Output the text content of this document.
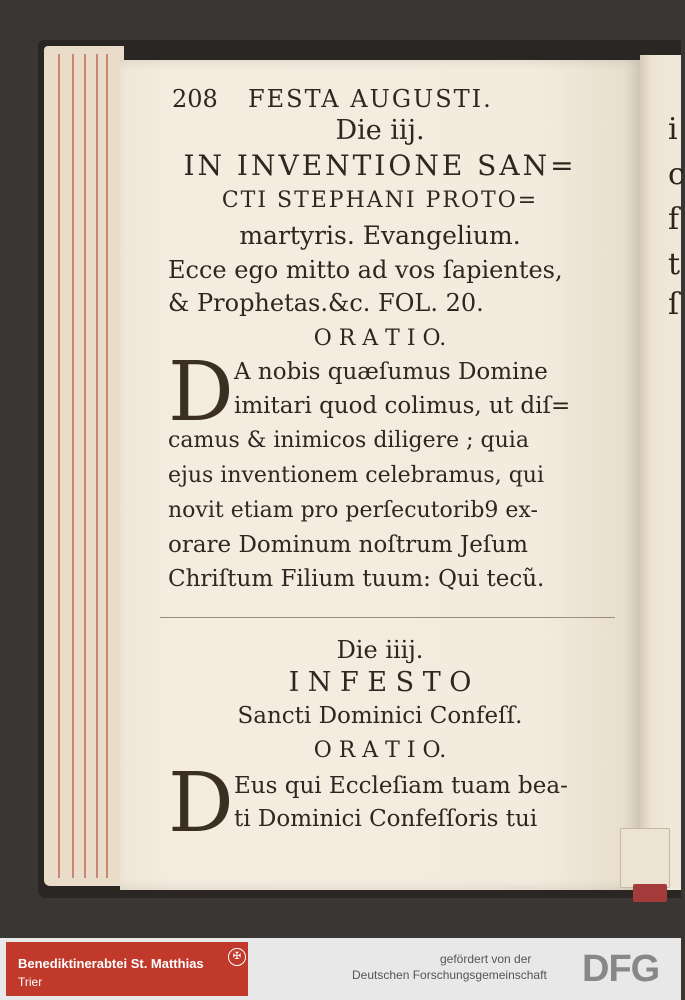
i
c
f
t
ſ
208 FESTA AUGUSTI.
Die iij.
IN INVENTIONE SAN=
CTI STEPHANI PROTO=
martyris. Evangelium.
Ecce ego mitto ad vos ſapientes,
& Prophetas.&c. FOL. 20.
O R A T I O.
D A nobis quæſumus Domine
imitari quod colimus, ut diſ=
camus & inimicos diligere ; quia
ejus inventionem celebramus, qui
novit etiam pro perſecutorib9 ex-
orare Dominum noſtrum Jeſum
Chriſtum Filium tuum: Qui tecũ.
Die iiij.
I N F E S T O
Sancti Dominici Confeſſ.
O R A T I O.
D Eus qui Eccleſiam tuam bea-
ti Dominici Confeſſoris tui
Benediktinerabtei St. Matthias
Trier
✠	gefördert von der
Deutschen Forschungsgemeinschaft DFG
